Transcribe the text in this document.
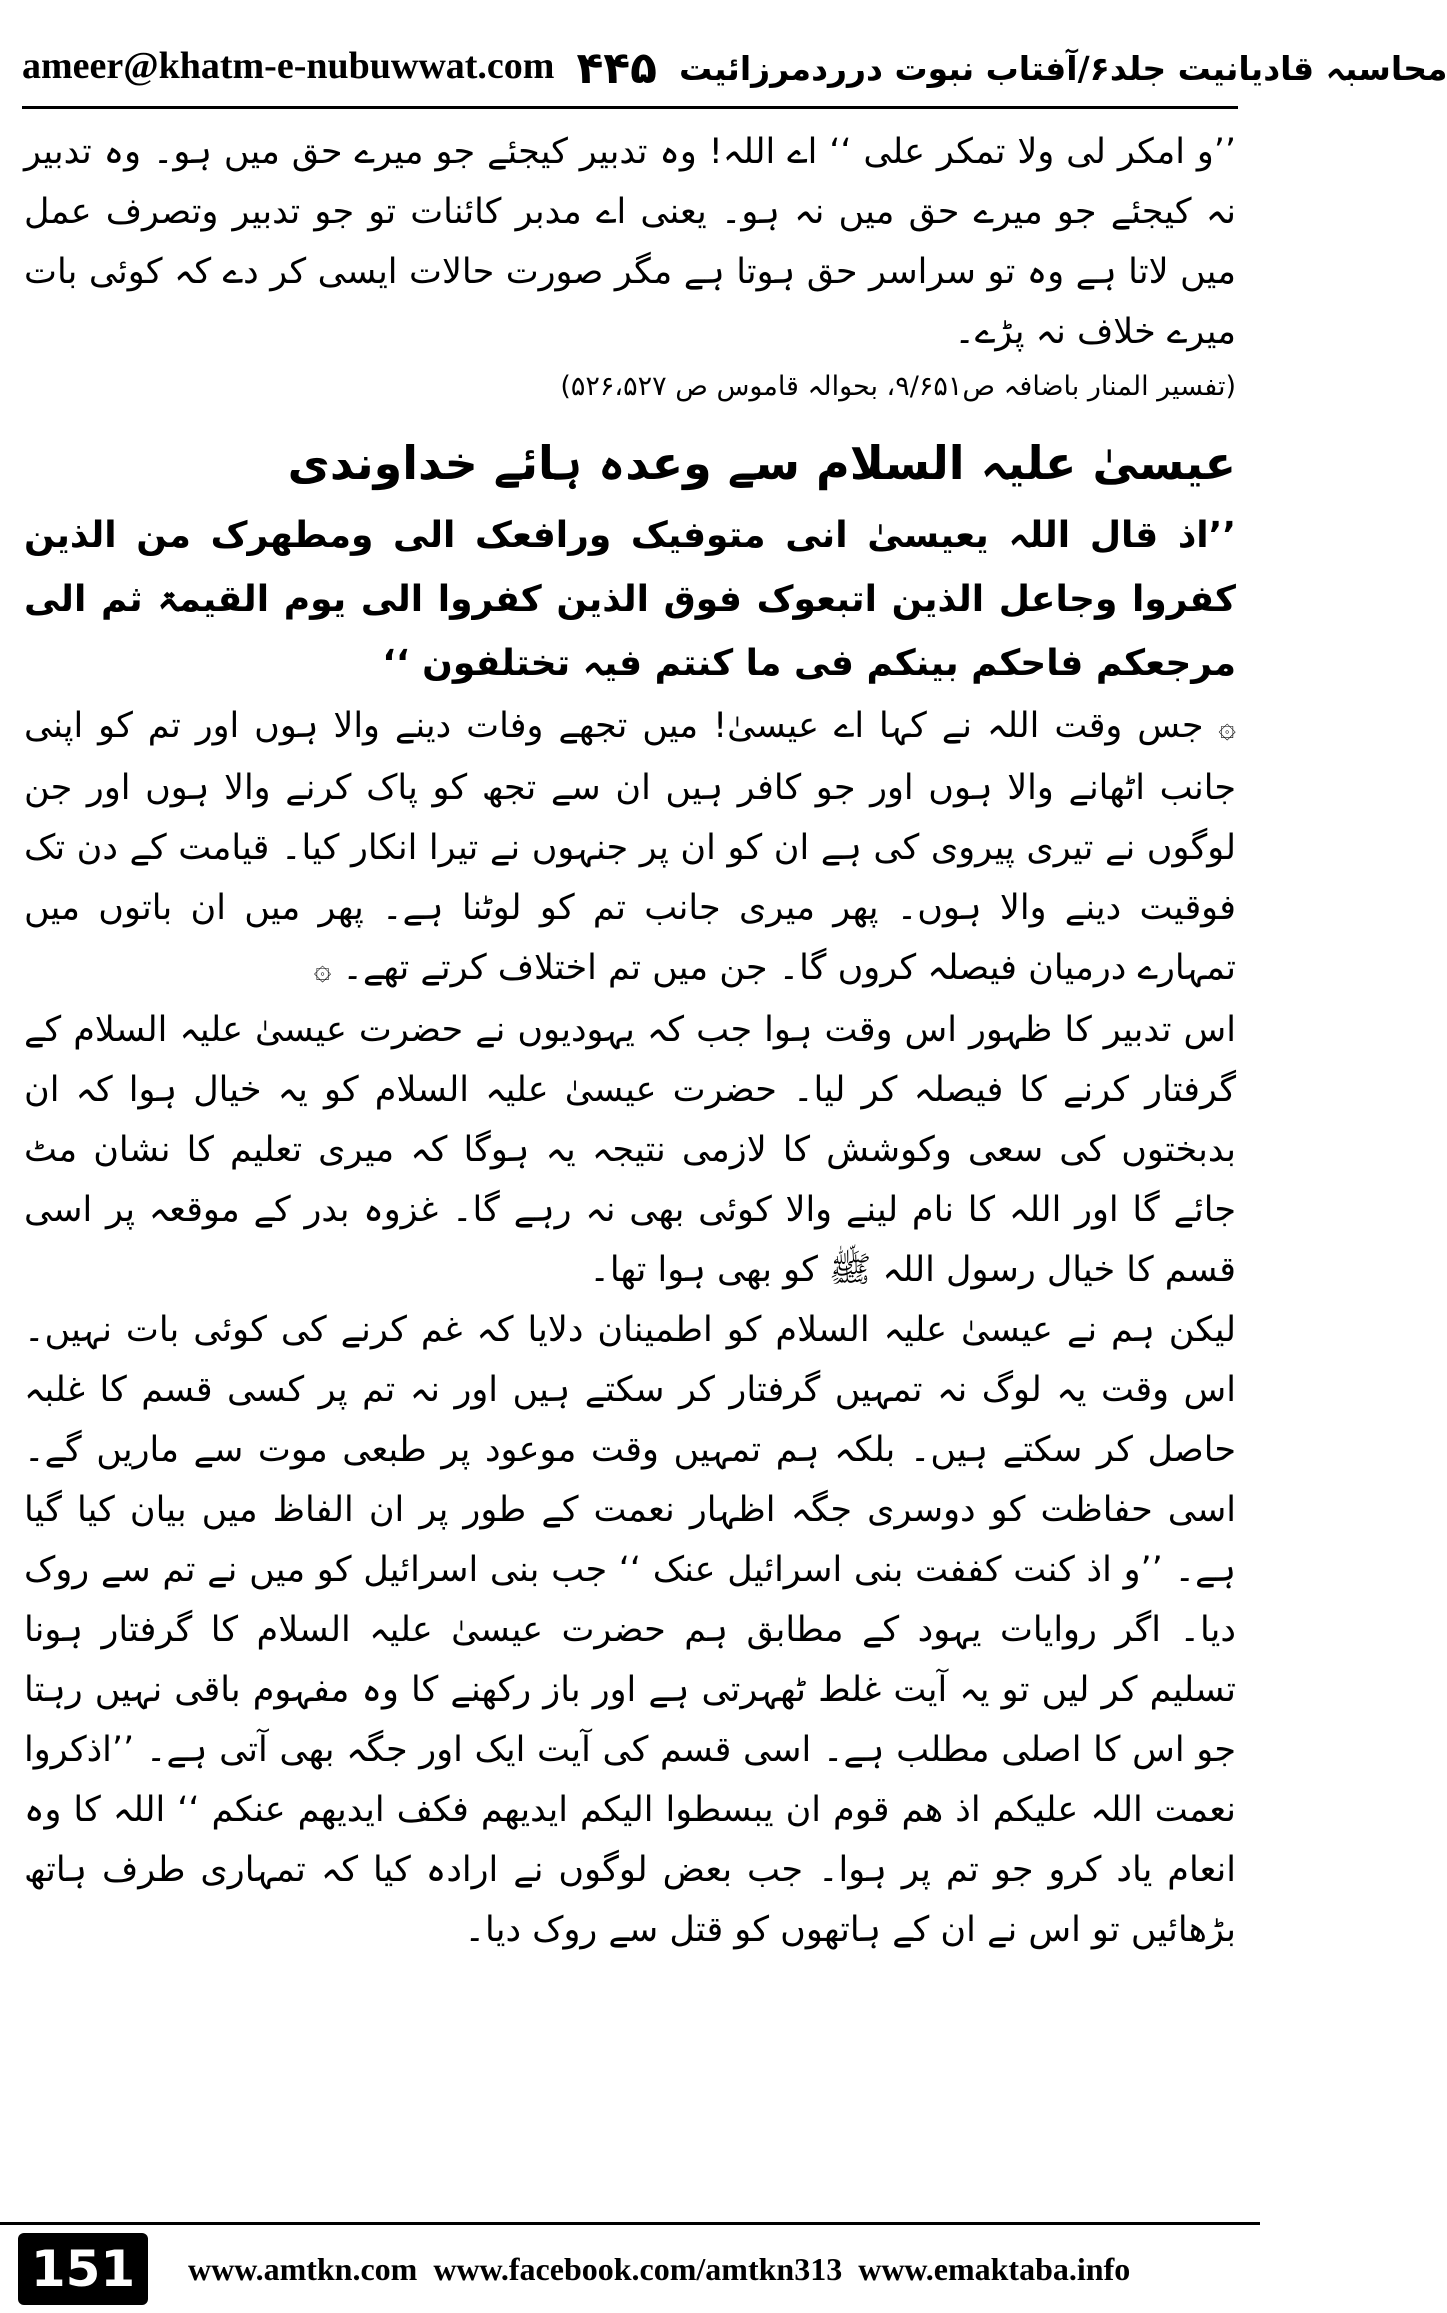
ameer@khatm-e-nubuwwat.com ۴۴۵ محاسبہ قادیانیت جلد۶/آفتاب نبوت درردمرزائیت

’’و امکر لی ولا تمکر علی ‘‘ اے اللہ! وہ تدبیر کیجئے جو میرے حق میں ہو۔ وہ تدبیر نہ کیجئے جو میرے حق میں نہ ہو۔ یعنی اے مدبر کائنات تو جو تدبیر وتصرف عمل میں لاتا ہے وہ تو سراسر حق ہوتا ہے مگر صورت حالات ایسی کر دے کہ کوئی بات میرے خلاف نہ پڑے۔

(تفسیر المنار باضافہ ص۹/۶۵۱، بحوالہ قاموس ص ۵۲۶،۵۲۷)

عیسیٰ علیہ السلام سے وعدہ ہائے خداوندی

’’اذ قال اللہ یعیسیٰ انی متوفیک ورافعک الی ومطھرک من الذین کفروا وجاعل الذین اتبعوک فوق الذین کفروا الی یوم القیمۃ ثم الی مرجعکم فاحکم بینکم فی ما کنتم فیہ تختلفون ‘‘

۞ جس وقت اللہ نے کہا اے عیسیٰ! میں تجھے وفات دینے والا ہوں اور تم کو اپنی جانب اٹھانے والا ہوں اور جو کافر ہیں ان سے تجھ کو پاک کرنے والا ہوں اور جن لوگوں نے تیری پیروی کی ہے ان کو ان پر جنہوں نے تیرا انکار کیا۔ قیامت کے دن تک فوقیت دینے والا ہوں۔ پھر میری جانب تم کو لوٹنا ہے۔ پھر میں ان باتوں میں تمہارے درمیان فیصلہ کروں گا۔ جن میں تم اختلاف کرتے تھے۔ ۞

اس تدبیر کا ظہور اس وقت ہوا جب کہ یہودیوں نے حضرت عیسیٰ علیہ السلام کے گرفتار کرنے کا فیصلہ کر لیا۔ حضرت عیسیٰ علیہ السلام کو یہ خیال ہوا کہ ان بدبختوں کی سعی وکوشش کا لازمی نتیجہ یہ ہوگا کہ میری تعلیم کا نشان مٹ جائے گا اور اللہ کا نام لینے والا کوئی بھی نہ رہے گا۔ غزوہ بدر کے موقعہ پر اسی قسم کا خیال رسول اللہ ﷺ کو بھی ہوا تھا۔

لیکن ہم نے عیسیٰ علیہ السلام کو اطمینان دلایا کہ غم کرنے کی کوئی بات نہیں۔ اس وقت یہ لوگ نہ تمہیں گرفتار کر سکتے ہیں اور نہ تم پر کسی قسم کا غلبہ حاصل کر سکتے ہیں۔ بلکہ ہم تمہیں وقت موعود پر طبعی موت سے ماریں گے۔ اسی حفاظت کو دوسری جگہ اظہار نعمت کے طور پر ان الفاظ میں بیان کیا گیا ہے۔ ’’و اذ کنت کففت بنی اسرائیل عنک ‘‘ جب بنی اسرائیل کو میں نے تم سے روک دیا۔ اگر روایات یہود کے مطابق ہم حضرت عیسیٰ علیہ السلام کا گرفتار ہونا تسلیم کر لیں تو یہ آیت غلط ٹھہرتی ہے اور باز رکھنے کا وہ مفہوم باقی نہیں رہتا جو اس کا اصلی مطلب ہے۔ اسی قسم کی آیت ایک اور جگہ بھی آتی ہے۔ ’’اذکروا نعمت اللہ علیکم اذ ھم قوم ان یبسطوا الیکم ایدیھم فکف ایدیھم عنکم ‘‘ اللہ کا وہ انعام یاد کرو جو تم پر ہوا۔ جب بعض لوگوں نے ارادہ کیا کہ تمہاری طرف ہاتھ بڑھائیں تو اس نے ان کے ہاتھوں کو قتل سے روک دیا۔

151	www.amtkn.com www.facebook.com/amtkn313 www.emaktaba.info
